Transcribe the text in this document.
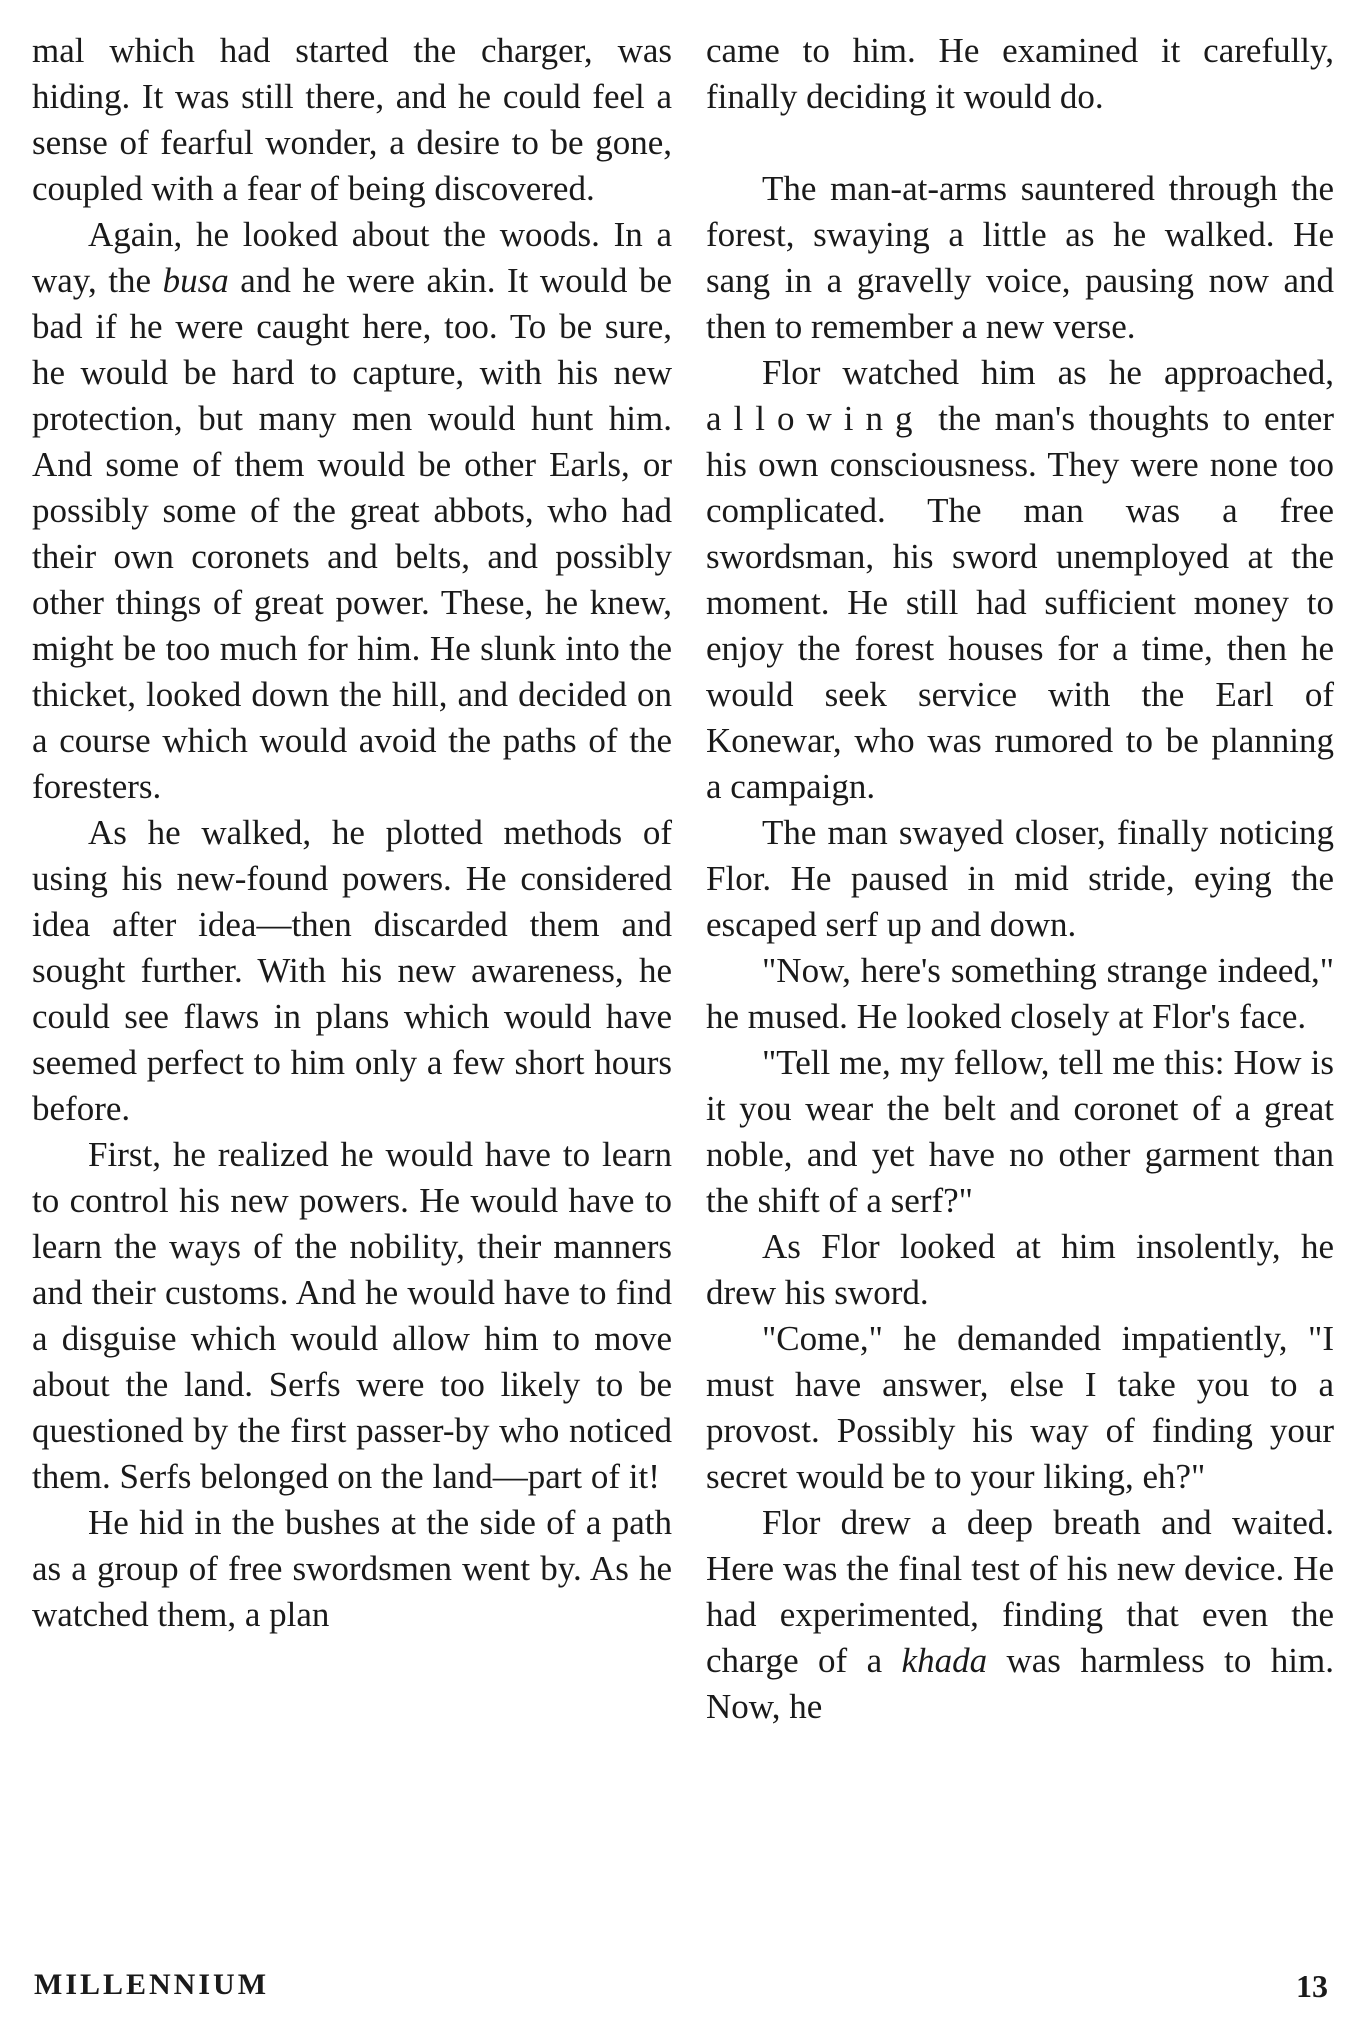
mal which had started the charger, was hiding. It was still there, and he could feel a sense of fearful wonder, a desire to be gone, coupled with a fear of being discovered.

Again, he looked about the woods. In a way, the busa and he were akin. It would be bad if he were caught here, too. To be sure, he would be hard to capture, with his new protection, but many men would hunt him. And some of them would be other Earls, or possibly some of the great abbots, who had their own coronets and belts, and possibly other things of great power. These, he knew, might be too much for him. He slunk into the thicket, looked down the hill, and decided on a course which would avoid the paths of the foresters.

As he walked, he plotted methods of using his new-found powers. He considered idea after idea—then discarded them and sought further. With his new awareness, he could see flaws in plans which would have seemed perfect to him only a few short hours before.

First, he realized he would have to learn to control his new powers. He would have to learn the ways of the nobility, their manners and their customs. And he would have to find a disguise which would allow him to move about the land. Serfs were too likely to be questioned by the first passer-by who noticed them. Serfs belonged on the land—part of it!

He hid in the bushes at the side of a path as a group of free swordsmen went by. As he watched them, a plan

came to him. He examined it carefully, finally deciding it would do.

The man-at-arms sauntered through the forest, swaying a little as he walked. He sang in a gravelly voice, pausing now and then to remember a new verse.

Flor watched him as he approached, allowing the man's thoughts to enter his own consciousness. They were none too complicated. The man was a free swordsman, his sword unemployed at the moment. He still had sufficient money to enjoy the forest houses for a time, then he would seek service with the Earl of Konewar, who was rumored to be planning a campaign.

The man swayed closer, finally noticing Flor. He paused in mid stride, eying the escaped serf up and down.

"Now, here's something strange indeed," he mused. He looked closely at Flor's face.

"Tell me, my fellow, tell me this: How is it you wear the belt and coronet of a great noble, and yet have no other garment than the shift of a serf?"

As Flor looked at him insolently, he drew his sword.

"Come," he demanded impatiently, "I must have answer, else I take you to a provost. Possibly his way of finding your secret would be to your liking, eh?"

Flor drew a deep breath and waited. Here was the final test of his new device. He had experimented, finding that even the charge of a khada was harmless to him. Now, he

MILLENNIUM	13
